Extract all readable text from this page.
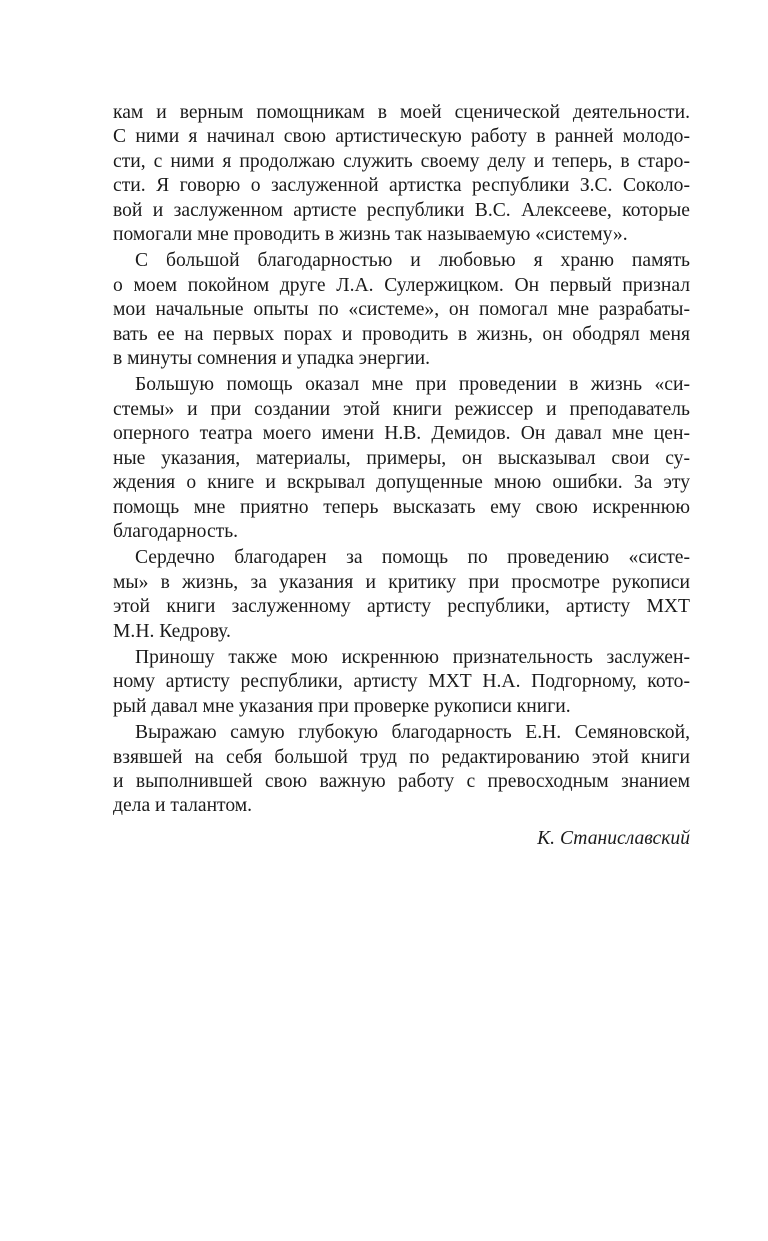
кам и верным помощникам в моей сценической деятельности.
С ними я начинал свою артистическую работу в ранней молодо-
сти, с ними я продолжаю служить своему делу и теперь, в старо-
сти. Я говорю о заслуженной артистка республики З.С. Соколо-
вой и заслуженном артисте республики В.С. Алексееве, которые
помогали мне проводить в жизнь так называемую «систему».

С большой благодарностью и любовью я храню память
о моем покойном друге Л.А. Сулержицком. Он первый признал
мои начальные опыты по «системе», он помогал мне разрабаты-
вать ее на первых порах и проводить в жизнь, он ободрял меня
в минуты сомнения и упадка энергии.

Большую помощь оказал мне при проведении в жизнь «си-
стемы» и при создании этой книги режиссер и преподаватель
оперного театра моего имени Н.В. Демидов. Он давал мне цен-
ные указания, материалы, примеры, он высказывал свои су-
ждения о книге и вскрывал допущенные мною ошибки. За эту
помощь мне приятно теперь высказать ему свою искреннюю
благодарность.

Сердечно благодарен за помощь по проведению «систе-
мы» в жизнь, за указания и критику при просмотре рукописи
этой книги заслуженному артисту республики, артисту МХТ
М.Н. Кедрову.

Приношу также мою искреннюю признательность заслужен-
ному артисту республики, артисту МХТ Н.А. Подгорному, кото-
рый давал мне указания при проверке рукописи книги.

Выражаю самую глубокую благодарность Е.Н. Семяновской,
взявшей на себя большой труд по редактированию этой книги
и выполнившей свою важную работу с превосходным знанием
дела и талантом.

К. Станиславский
